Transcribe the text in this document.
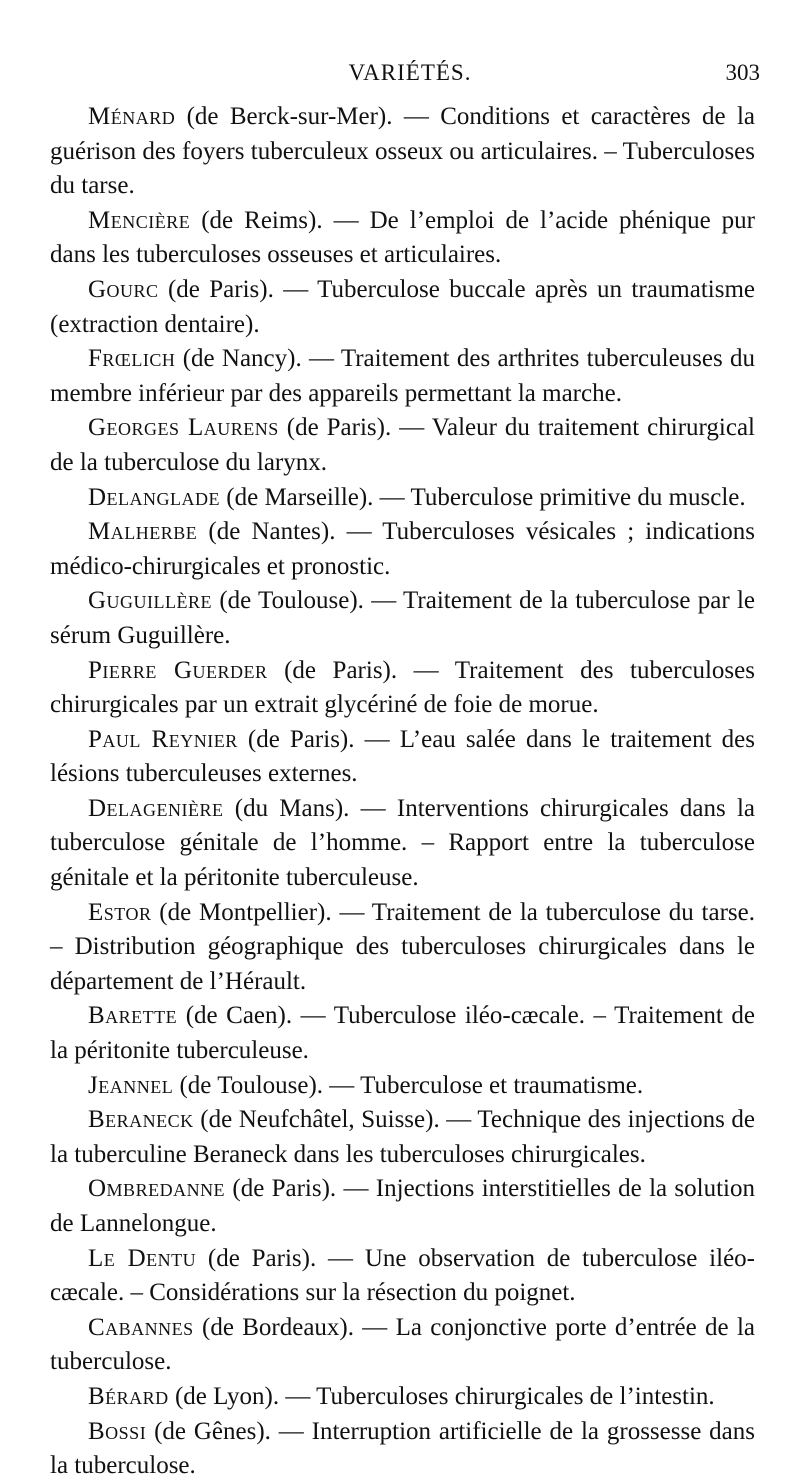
VARIÉTÉS.	303

Ménard (de Berck-sur-Mer). — Conditions et caractères de la guérison des foyers tuberculeux osseux ou articulaires. – Tuberculoses du tarse.

Mencière (de Reims). — De l’emploi de l’acide phénique pur dans les tuberculoses osseuses et articulaires.

Gourc (de Paris). — Tuberculose buccale après un traumatisme (extraction dentaire).

Frœlich (de Nancy). — Traitement des arthrites tuberculeuses du membre inférieur par des appareils permettant la marche.

Georges Laurens (de Paris). — Valeur du traitement chirurgical de la tuberculose du larynx.

Delanglade (de Marseille). — Tuberculose primitive du muscle.

Malherbe (de Nantes). — Tuberculoses vésicales ; indications médico-chirurgicales et pronostic.

Guguillère (de Toulouse). — Traitement de la tuberculose par le sérum Guguillère.

Pierre Guerder (de Paris). — Traitement des tuberculoses chirurgicales par un extrait glycériné de foie de morue.

Paul Reynier (de Paris). — L’eau salée dans le traitement des lésions tuberculeuses externes.

Delagenière (du Mans). — Interventions chirurgicales dans la tuberculose génitale de l’homme. – Rapport entre la tuberculose génitale et la péritonite tuberculeuse.

Estor (de Montpellier). — Traitement de la tuberculose du tarse. – Distribution géographique des tuberculoses chirurgicales dans le département de l’Hérault.

Barette (de Caen). — Tuberculose iléo-cæcale. – Traitement de la péritonite tuberculeuse.

Jeannel (de Toulouse). — Tuberculose et traumatisme.

Beraneck (de Neufchâtel, Suisse). — Technique des injections de la tuberculine Beraneck dans les tuberculoses chirurgicales.

Ombredanne (de Paris). — Injections interstitielles de la solution de Lannelongue.

Le Dentu (de Paris). — Une observation de tuberculose iléo-cæcale. – Considérations sur la résection du poignet.

Cabannes (de Bordeaux). — La conjonctive porte d’entrée de la tuberculose.

Bérard (de Lyon). — Tuberculoses chirurgicales de l’intestin.

Bossi (de Gênes). — Interruption artificielle de la grossesse dans la tuberculose.
